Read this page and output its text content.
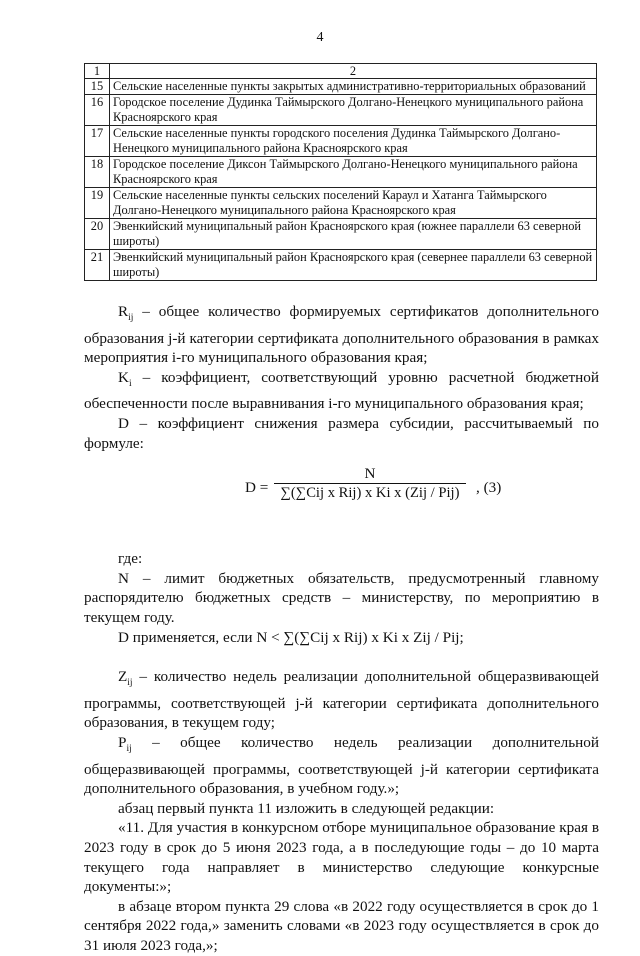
4
1	2
15	Сельские населенные пункты закрытых административно-территориальных образований
16	Городское поселение Дудинка Таймырского Долгано-Ненецкого муниципального района Красноярского края
17	Сельские населенные пункты городского поселения Дудинка Таймырского Долгано-Ненецкого муниципального района Красноярского края
18	Городское поселение Диксон Таймырского Долгано-Ненецкого муниципального района Красноярского края
19	Сельские населенные пункты сельских поселений Караул и Хатанга Таймырского Долгано-Ненецкого муниципального района Красноярского края
20	Эвенкийский муниципальный район Красноярского края (южнее параллели 63 северной широты)
21	Эвенкийский муниципальный район Красноярского края (севернее параллели 63 северной широты)

$R_{ij}$ – общее количество формируемых сертификатов дополнительного образования j-й категории сертификата дополнительного образования в рамках мероприятия i-го муниципального образования края;

$K_i$ – коэффициент, соответствующий уровню расчетной бюджетной обеспеченности после выравнивания i-го муниципального образования края;

D – коэффициент снижения размера субсидии, рассчитываемый по формуле:

D =
N
∑(∑Cij x Rij) x Ki x (Zij / Pij)	, (3)

где:

N – лимит бюджетных обязательств, предусмотренный главному распорядителю бюджетных средств – министерству, по мероприятию в текущем году.

D применяется, если N < ∑(∑Cij x Rij) x Ki x Zij / Pij;

$Z_{ij}$ – количество недель реализации дополнительной общеразвивающей программы, соответствующей j-й категории сертификата дополнительного образования, в текущем году;

$P_{ij}$ – общее количество недель реализации дополнительной общеразвивающей программы, соответствующей j-й категории сертификата дополнительного образования, в учебном году.»;

абзац первый пункта 11 изложить в следующей редакции:

«11. Для участия в конкурсном отборе муниципальное образование края в 2023 году в срок до 5 июня 2023 года, а в последующие годы – до 10 марта текущего года направляет в министерство следующие конкурсные документы:»;

в абзаце втором пункта 29 слова «в 2022 году осуществляется в срок до 1 сентября 2022 года,» заменить словами «в 2023 году осуществляется в срок до 31 июля 2023 года,»;
